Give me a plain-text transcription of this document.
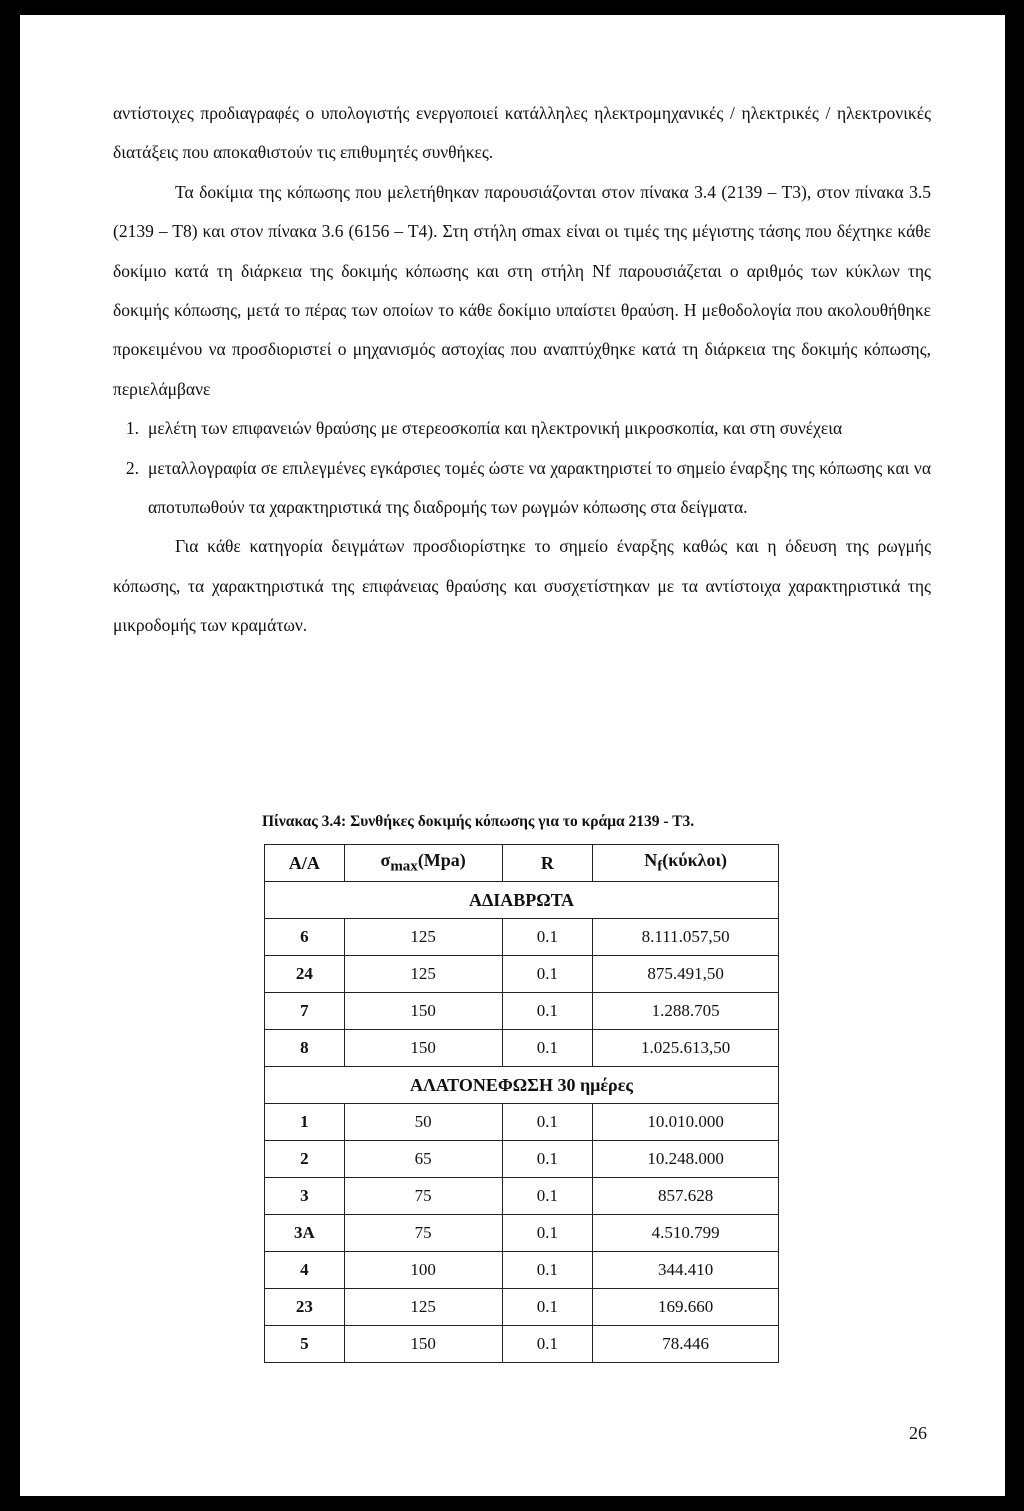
αντίστοιχες προδιαγραφές ο υπολογιστής ενεργοποιεί κατάλληλες ηλεκτρομηχανικές / ηλεκτρικές / ηλεκτρονικές διατάξεις που αποκαθιστούν τις επιθυμητές συνθήκες.

Τα δοκίμια της κόπωσης που μελετήθηκαν παρουσιάζονται στον πίνακα 3.4 (2139 – Τ3), στον πίνακα 3.5 (2139 – Τ8) και στον πίνακα 3.6 (6156 – Τ4). Στη στήλη σmax είναι οι τιμές της μέγιστης τάσης που δέχτηκε κάθε δοκίμιο κατά τη διάρκεια της δοκιμής κόπωσης και στη στήλη Nf παρουσιάζεται ο αριθμός των κύκλων της δοκιμής κόπωσης, μετά το πέρας των οποίων το κάθε δοκίμιο υπαίστει θραύση. Η μεθοδολογία που ακολουθήθηκε προκειμένου να προσδιοριστεί ο μηχανισμός αστοχίας που αναπτύχθηκε κατά τη διάρκεια της δοκιμής κόπωσης, περιελάμβανε

1. μελέτη των επιφανειών θραύσης με στερεοσκοπία και ηλεκτρονική μικροσκοπία, και στη συνέχεια
2. μεταλλογραφία σε επιλεγμένες εγκάρσιες τομές ώστε να χαρακτηριστεί το σημείο έναρξης της κόπωσης και να αποτυπωθούν τα χαρακτηριστικά της διαδρομής των ρωγμών κόπωσης στα δείγματα.

Για κάθε κατηγορία δειγμάτων προσδιορίστηκε το σημείο έναρξης καθώς και η όδευση της ρωγμής κόπωσης, τα χαρακτηριστικά της επιφάνειας θραύσης και συσχετίστηκαν με τα αντίστοιχα χαρακτηριστικά της μικροδομής των κραμάτων.

Πίνακας 3.4: Συνθήκες δοκιμής κόπωσης για το κράμα 2139 - Τ3.
Α/Α	$\sigma_{max}(Mpa)$	R	$N_f(\kappa ύ\kappa\lambda o\iota)$
ΑΔΙΑΒΡΩΤΑ			
6	125	0.1	8.111.057,50
24	125	0.1	875.491,50
7	150	0.1	1.288.705
8	150	0.1	1.025.613,50
ΑΛΑΤΟΝΕΦΩΣΗ 30 ημέρες			
1	50	0.1	10.010.000
2	65	0.1	10.248.000
3	75	0.1	857.628
3Α	75	0.1	4.510.799
4	100	0.1	344.410
23	125	0.1	169.660
5	150	0.1	78.446
26
